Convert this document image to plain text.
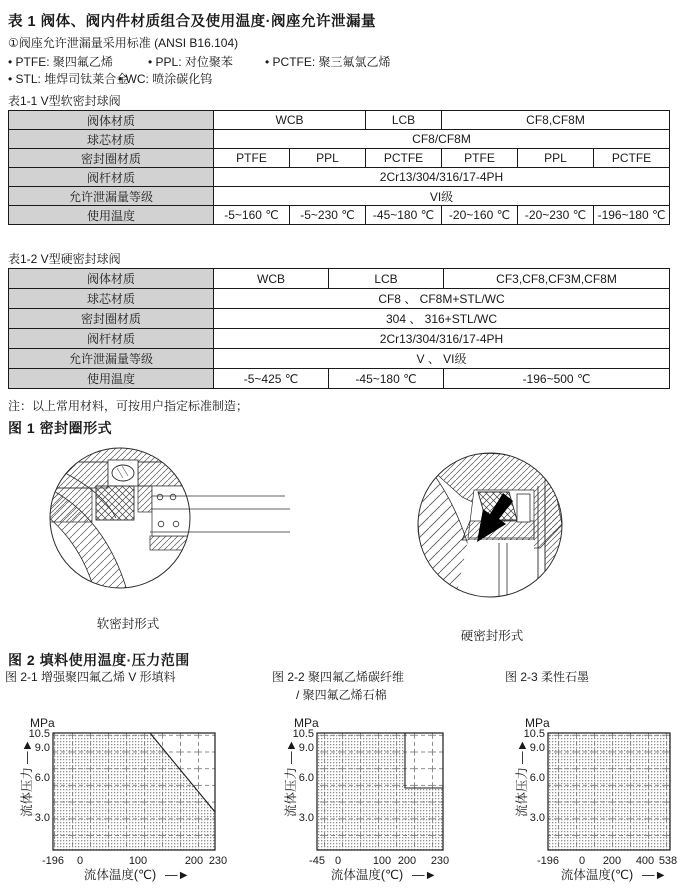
表 1 阀体、阀内件材质组合及使用温度·阀座允许泄漏量
①阀座允许泄漏量采用标准 (ANSI B16.104)
• PTFE: 聚四氟乙烯	• PPL: 对位聚苯	• PCTFE: 聚三氟氯乙烯
• STL: 堆焊司钛莱合金
• WC: 喷涂碳化钨
表1-1 V型软密封球阀
阀体材质	WCB		LCB	CF8,CF8M		
球芯材质	CF8/CF8M					
密封圈材质	PTFE	PPL	PCTFE	PTFE	PPL	PCTFE
阀杆材质	2Cr13/304/316/17-4PH					
允许泄漏量等级	VI级					
使用温度	-5~160 ℃	-5~230 ℃	-45~180 ℃	-20~160 ℃	-20~230 ℃	-196~180 ℃
表1-2 V型硬密封球阀
阀体材质	WCB	LCB	CF3,CF8,CF3M,CF8M
球芯材质	CF8 、 CF8M+STL/WC		
密封圈材质	304 、 316+STL/WC		
阀杆材质	2Cr13/304/316/17-4PH		
允许泄漏量等级	V 、 VI级		
使用温度	-5~425 ℃	-45~180 ℃	-196~500 ℃
注：以上常用材料，可按用户指定标准制造；
图 1 密封圈形式
软密封形式
硬密封形式
图 2 填料使用温度·压力范围
图 2-1 增强聚四氟乙烯 V 形填料	图 2-2 聚四氟乙烯碳纤维
/ 聚四氟乙烯石棉
图 2-3 柔性石墨
MPa
10.5
9.0
6.0
3.0
-196 0	100	200 230
流体温度(℃) —►
流体压力
—►
MPa
10.5
9.0
6.0
3.0
-45 0	100 200 230
流体温度(℃) —►
流体压力
—►
MPa
10.5
9.0
6.0
3.0
-196 0 200 400 538
流体温度(℃) —►
流体压力
—►
